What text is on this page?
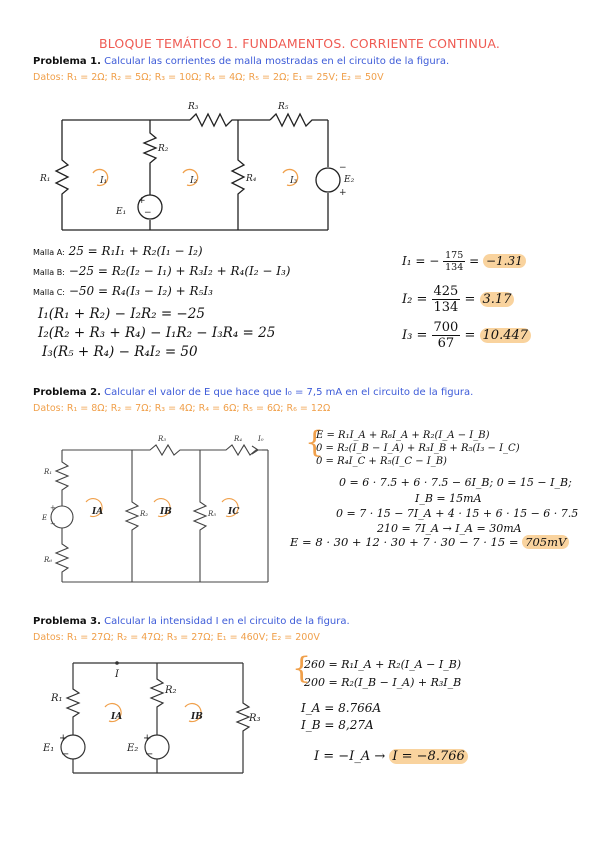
BLOQUE TEMÁTICO 1. FUNDAMENTOS. CORRIENTE CONTINUA.
Problema 1. Calcular las corrientes de malla mostradas en el circuito de la figura.
Datos: R₁ = 2Ω; R₂ = 5Ω; R₃ = 10Ω; R₄ = 4Ω; R₅ = 2Ω; E₁ = 25V; E₂ = 50V
R₃	R₅
R₁
R₂
R₄
E₁
E₂
I₁	I₂	I₃
+
−
−
+
Malla A: 25 = R₁I₁ + R₂(I₁ − I₂)
Malla B: −25 = R₂(I₂ − I₁) + R₃I₂ + R₄(I₂ − I₃)
Malla C: −50 = R₄(I₃ − I₂) + R₅I₃
I₁(R₁ + R₂) − I₂R₂ = −25
I₂(R₂ + R₃ + R₄) − I₁R₂ − I₃R₄ = 25
I₃(R₅ + R₄) − R₄I₂ = 50
I₁ = − $\frac{175}{134} = -1.31$
$I_2 = \frac{425}{134} = 3.17$
$I_3 = \frac{700}{67} = 10.447$
Problema 2. Calcular el valor de E que hace que I₀ = 7,5 mA en el circuito de la figura.
Datos: R₁ = 8Ω; R₂ = 7Ω; R₃ = 4Ω; R₄ = 6Ω; R₅ = 6Ω; R₆ = 12Ω
R₃	R₄ I₀
R₁
E	R₂	R₅
R₆
+
−
IA	IB	IC
{
E = R₁I_A + R₆I_A + R₂(I_A − I_B)
0 = R₂(I_B − I_A) + R₃I_B + R₅(I₃ − I_C)
0 = R₄I_C + R₅(I_C − I_B)
0 = 6 · 7.5 + 6 · 7.5 − 6I_B; 0 = 15 − I_B;
I_B = 15mA
0 = 7 · 15 − 7I_A + 4 · 15 + 6 · 15 − 6 · 7.5
210 = 7I_A → I_A = 30mA
E = 8 · 30 + 12 · 30 + 7 · 30 − 7 · 15 = 705mV
Problema 3. Calcular la intensidad I en el circuito de la figura.
Datos: R₁ = 27Ω; R₂ = 47Ω; R₃ = 27Ω; E₁ = 460V; E₂ = 200V
I
R₁
R₂
R₃
E₁	E₂
+
−
+
−
IA	IB
{
260 = R₁I_A + R₂(I_A − I_B)
200 = R₂(I_B − I_A) + R₃I_B
I_A = 8.766A
I_B = 8,27A
I = −I_A → I = −8.766
